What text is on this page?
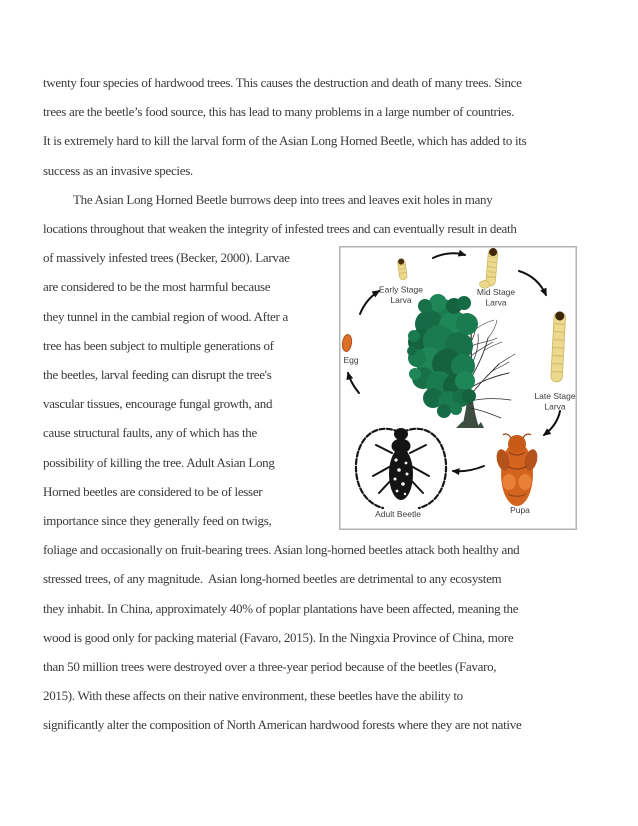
twenty four species of hardwood trees. This causes the destruction and death of many trees. Since
trees are the beetle’s food source, this has lead to many problems in a large number of countries.
It is extremely hard to kill the larval form of the Asian Long Horned Beetle, which has added to its
success as an invasive species.
The Asian Long Horned Beetle burrows deep into trees and leaves exit holes in many
locations throughout that weaken the integrity of infested trees and can eventually result in death
of massively infested trees (Becker, 2000). Larvae
are considered to be the most harmful because
they tunnel in the cambial region of wood. After a
tree has been subject to multiple generations of
the beetles, larval feeding can disrupt the tree's
vascular tissues, encourage fungal growth, and
cause structural faults, any of which has the
possibility of killing the tree. Adult Asian Long
Horned beetles are considered to be of lesser
importance since they generally feed on twigs,
foliage and occasionally on fruit-bearing trees. Asian long-horned beetles attack both healthy and
stressed trees, of any magnitude.  Asian long-horned beetles are detrimental to any ecosystem
they inhabit. In China, approximately 40% of poplar plantations have been affected, meaning the
wood is good only for packing material (Favaro, 2015). In the Ningxia Province of China, more
than 50 million trees were destroyed over a three-year period because of the beetles (Favaro,
2015). With these affects on their native environment, these beetles have the ability to
significantly alter the composition of North American hardwood forests where they are not native
Egg
Early Stage
Larva
Mid Stage
Larva
Late Stage
Larva
Pupa
Adult Beetle
